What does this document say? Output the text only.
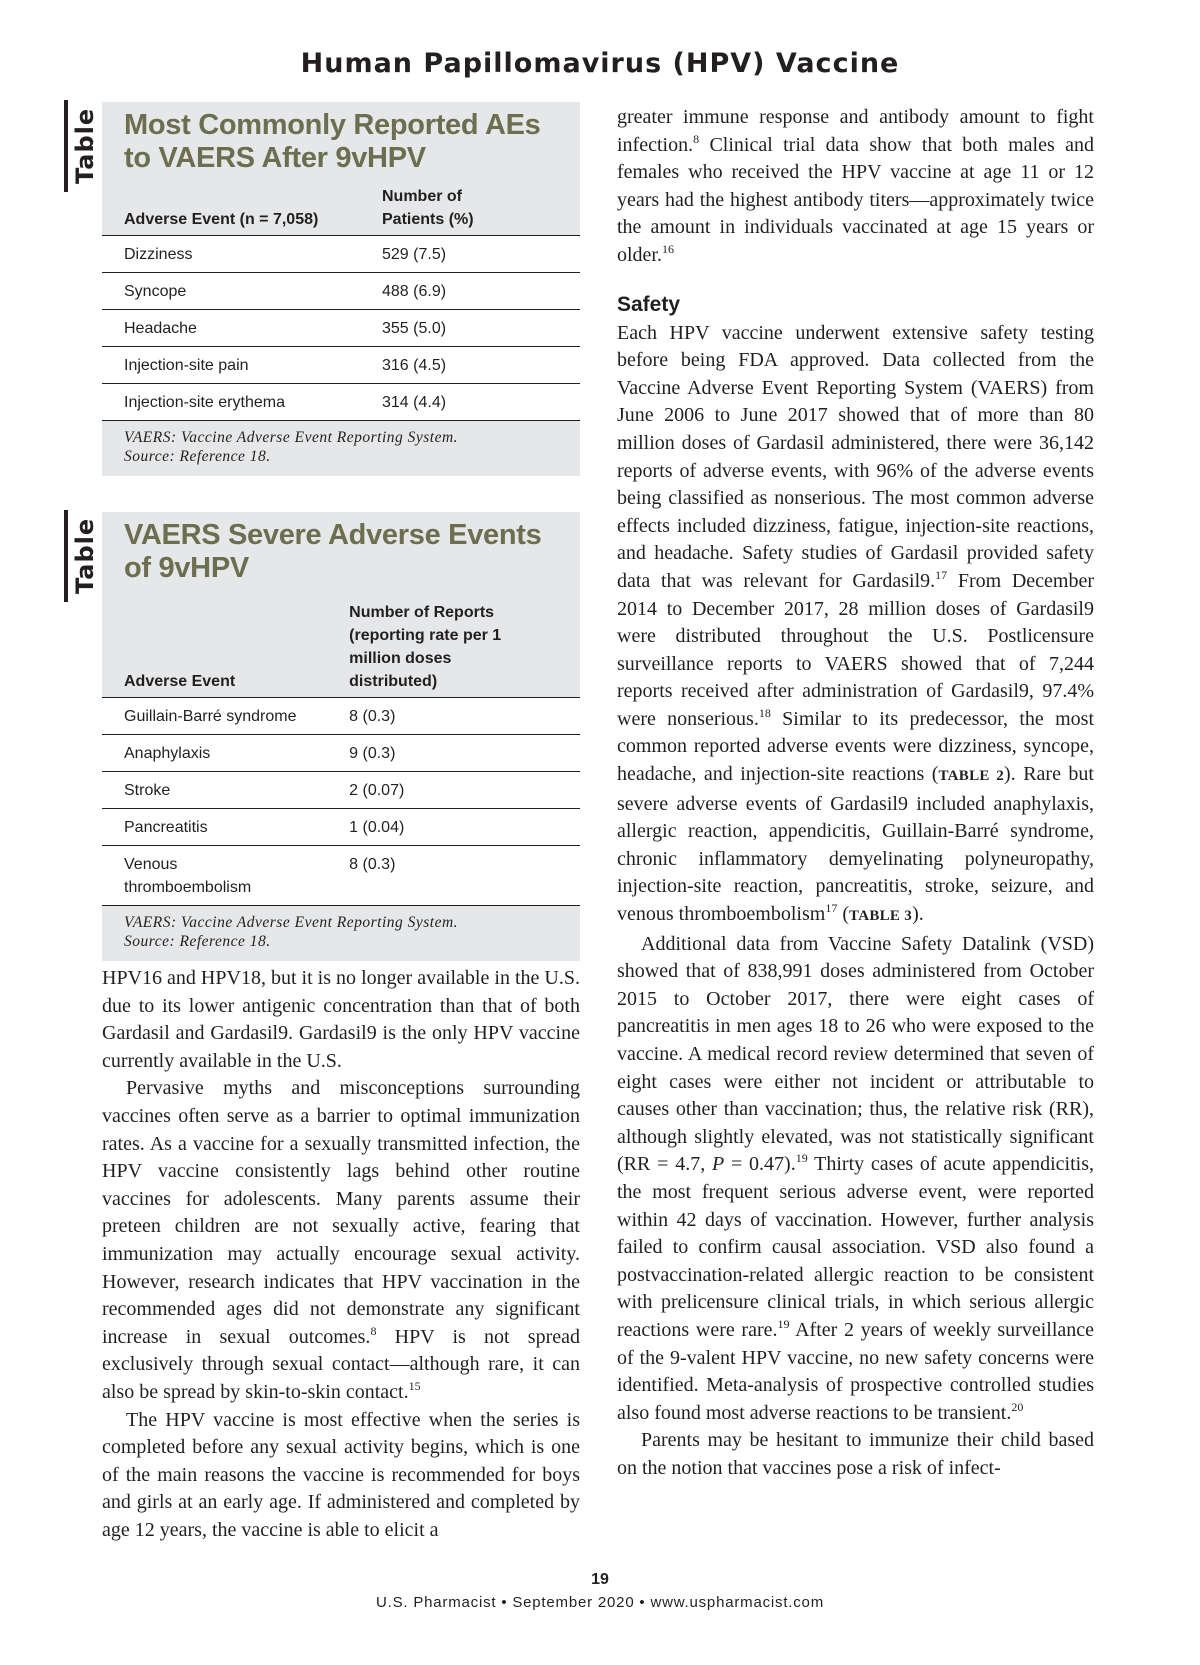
Human Papillomavirus (HPV) Vaccine
Table Most Commonly Reported AEs
to VAERS After 9vHPV
Adverse Event (n = 7,058)	Number of
Patients (%)
Dizziness	529 (7.5)
Syncope	488 (6.9)
Headache	355 (5.0)
Injection-site pain	316 (4.5)
Injection-site erythema	314 (4.4)

VAERS: Vaccine Adverse Event Reporting System.
Source: Reference 18.

Table VAERS Severe Adverse Events
of 9vHPV
Adverse Event	Number of Reports
(reporting rate per 1
million doses
distributed)
Guillain-Barré syndrome	8 (0.3)
Anaphylaxis	9 (0.3)
Stroke	2 (0.07)
Pancreatitis	1 (0.04)
Venous thromboembolism	8 (0.3)

VAERS: Vaccine Adverse Event Reporting System.
Source: Reference 18.

HPV16 and HPV18, but it is no longer available in the U.S. due to its lower antigenic concentration than that of both Gardasil and Gardasil9. Gardasil9 is the only HPV vaccine currently available in the U.S.

Pervasive myths and misconceptions surrounding vaccines often serve as a barrier to optimal immunization rates. As a vaccine for a sexually transmitted infection, the HPV vaccine consistently lags behind other routine vaccines for adolescents. Many parents assume their preteen children are not sexually active, fearing that immunization may actually encourage sexual activity. However, research indicates that HPV vaccination in the recommended ages did not demonstrate any significant increase in sexual outcomes.$^8$ HPV is not spread exclusively through sexual contact—although rare, it can also be spread by skin-to-skin contact.$^{15}$

The HPV vaccine is most effective when the series is completed before any sexual activity begins, which is one of the main reasons the vaccine is recommended for boys and girls at an early age. If administered and completed by age 12 years, the vaccine is able to elicit a

greater immune response and antibody amount to fight infection.$^8$ Clinical trial data show that both males and females who received the HPV vaccine at age 11 or 12 years had the highest antibody titers—approximately twice the amount in individuals vaccinated at age 15 years or older.$^{16}$

Safety

Each HPV vaccine underwent extensive safety testing before being FDA approved. Data collected from the Vaccine Adverse Event Reporting System (VAERS) from June 2006 to June 2017 showed that of more than 80 million doses of Gardasil administered, there were 36,142 reports of adverse events, with 96% of the adverse events being classified as nonserious. The most common adverse effects included dizziness, fatigue, injection-site reactions, and headache. Safety studies of Gardasil provided safety data that was relevant for Gardasil9.17 From December 2014 to December 2017, 28 million doses of Gardasil9 were distributed throughout the U.S. Postlicensure surveillance reports to VAERS showed that of 7,244 reports received after administration of Gardasil9, 97.4% were nonserious.$^{18}$ Similar to its predecessor, the most common reported adverse events were dizziness, syncope, headache, and injection-site reactions (TABLE 2). Rare but severe adverse events of Gardasil9 included anaphylaxis, allergic reaction, appendicitis, Guillain-Barré syndrome, chronic inflammatory demyelinating polyneuropathy, injection-site reaction, pancreatitis, stroke, seizure, and venous thromboembolism$^{17}$ (TABLE 3).

Additional data from Vaccine Safety Datalink (VSD) showed that of 838,991 doses administered from October 2015 to October 2017, there were eight cases of pancreatitis in men ages 18 to 26 who were exposed to the vaccine. A medical record review determined that seven of eight cases were either not incident or attributable to causes other than vaccination; thus, the relative risk (RR), although slightly elevated, was not statistically significant (RR = 4.7, P = 0.47).$^{19}$ Thirty cases of acute appendicitis, the most frequent serious adverse event, were reported within 42 days of vaccination. However, further analysis failed to confirm causal association. VSD also found a postvaccination-related allergic reaction to be consistent with prelicensure clinical trials, in which serious allergic reactions were rare.$^{19}$ After 2 years of weekly surveillance of the 9-valent HPV vaccine, no new safety concerns were identified. Meta-analysis of prospective controlled studies also found most adverse reactions to be transient.$^{20}$

Parents may be hesitant to immunize their child based on the notion that vaccines pose a risk of infect-

19
U.S. Pharmacist • September 2020 • www.uspharmacist.com
